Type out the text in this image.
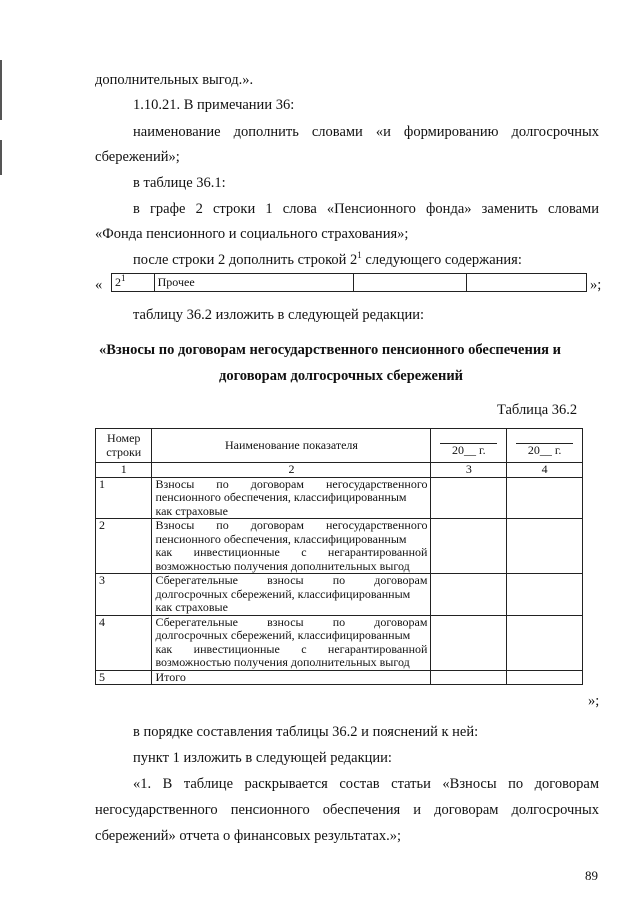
дополнительных выгод.».
1.10.21. В примечании 36:
наименование дополнить словами «и формированию долгосрочных
сбережений»;
в таблице 36.1:
в графе 2 строки 1 слова «Пенсионного фонда» заменить словами
«Фонда пенсионного и социального страхования»;
после строки 2 дополнить строкой $2^1$ следующего содержания:
« $2^1$	Прочее			»;
таблицу 36.2 изложить в следующей редакции:
«Взносы по договорам негосударственного пенсионного обеспечения и
договорам долгосрочных сбережений
Таблица 36.2
Номер
строки	Наименование показателя	20__ г.	20__ г.

1	2	3	4
1	Взносы по договорам негосударственного
пенсионного обеспечения, классифицированным
как страховые		

2	Взносы по договорам негосударственного
пенсионного обеспечения, классифицированным
как инвестиционные с негарантированной
возможностью получения дополнительных выгод		

3	Сберегательные взносы по договорам
долгосрочных сбережений, классифицированным
как страховые		

4	Сберегательные взносы по договорам
долгосрочных сбережений, классифицированным
как инвестиционные с негарантированной
возможностью получения дополнительных выгод		

5	Итого		

»;
в порядке составления таблицы 36.2 и пояснений к ней:
пункт 1 изложить в следующей редакции:
«1. В таблице раскрывается состав статьи «Взносы по договорам
негосударственного пенсионного обеспечения и договорам долгосрочных
сбережений» отчета о финансовых результатах.»;
89
